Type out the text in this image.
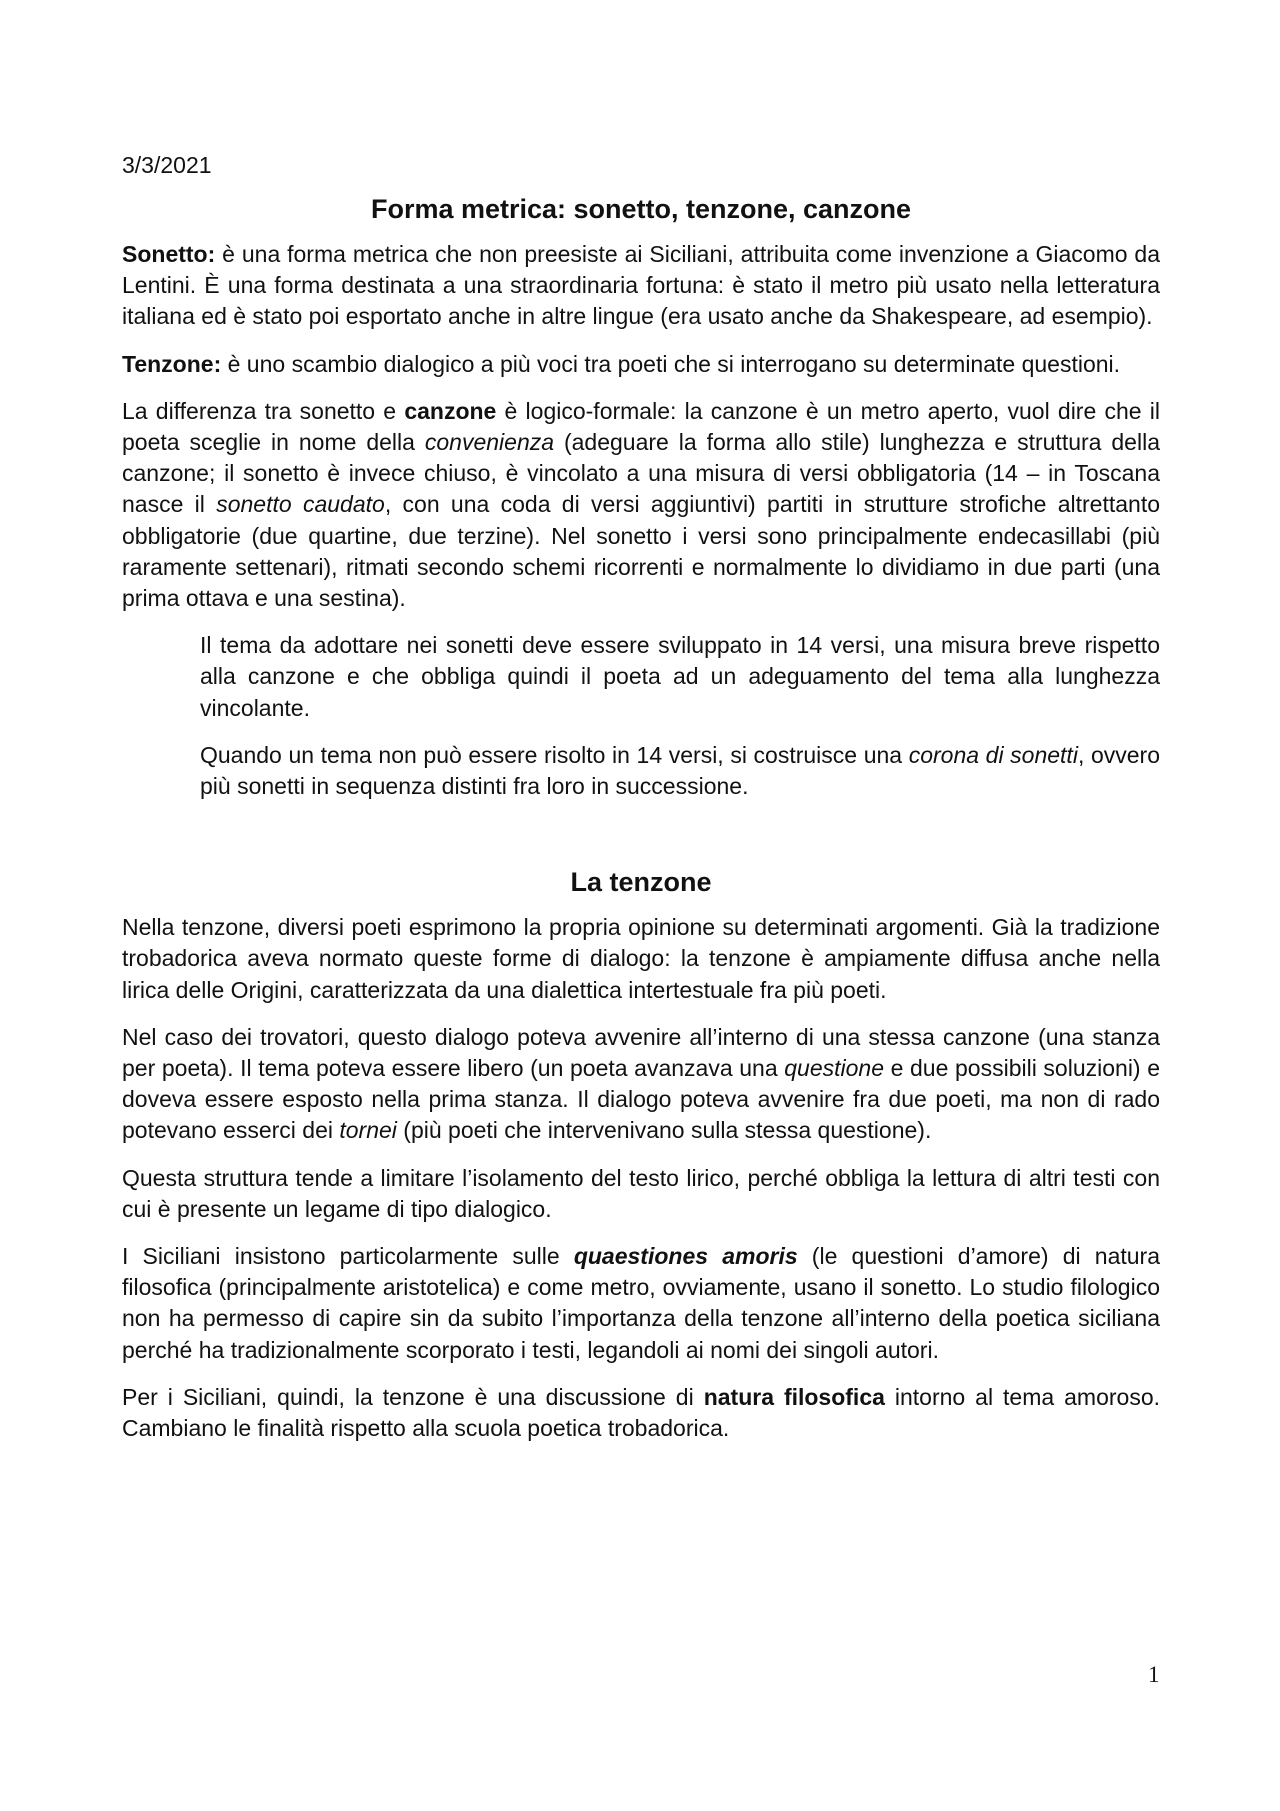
3/3/2021
Forma metrica: sonetto, tenzone, canzone

Sonetto: è una forma metrica che non preesiste ai Siciliani, attribuita come invenzione a Giacomo da Lentini. È una forma destinata a una straordinaria fortuna: è stato il metro più usato nella letteratura italiana ed è stato poi esportato anche in altre lingue (era usato anche da Shakespeare, ad esempio).

Tenzone: è uno scambio dialogico a più voci tra poeti che si interrogano su determinate questioni.

La differenza tra sonetto e canzone è logico-formale: la canzone è un metro aperto, vuol dire che il poeta sceglie in nome della convenienza (adeguare la forma allo stile) lunghezza e struttura della canzone; il sonetto è invece chiuso, è vincolato a una misura di versi obbligatoria (14 – in Toscana nasce il sonetto caudato, con una coda di versi aggiuntivi) partiti in strutture strofiche altrettanto obbligatorie (due quartine, due terzine). Nel sonetto i versi sono principalmente endecasillabi (più raramente settenari), ritmati secondo schemi ricorrenti e normalmente lo dividiamo in due parti (una prima ottava e una sestina).

Il tema da adottare nei sonetti deve essere sviluppato in 14 versi, una misura breve rispetto alla canzone e che obbliga quindi il poeta ad un adeguamento del tema alla lunghezza vincolante.

Quando un tema non può essere risolto in 14 versi, si costruisce una corona di sonetti, ovvero più sonetti in sequenza distinti fra loro in successione.

La tenzone

Nella tenzone, diversi poeti esprimono la propria opinione su determinati argomenti. Già la tradizione trobadorica aveva normato queste forme di dialogo: la tenzone è ampiamente diffusa anche nella lirica delle Origini, caratterizzata da una dialettica intertestuale fra più poeti.

Nel caso dei trovatori, questo dialogo poteva avvenire all’interno di una stessa canzone (una stanza per poeta). Il tema poteva essere libero (un poeta avanzava una questione e due possibili soluzioni) e doveva essere esposto nella prima stanza. Il dialogo poteva avvenire fra due poeti, ma non di rado potevano esserci dei tornei (più poeti che intervenivano sulla stessa questione).

Questa struttura tende a limitare l’isolamento del testo lirico, perché obbliga la lettura di altri testi con cui è presente un legame di tipo dialogico.

I Siciliani insistono particolarmente sulle quaestiones amoris (le questioni d’amore) di natura filosofica (principalmente aristotelica) e come metro, ovviamente, usano il sonetto. Lo studio filologico non ha permesso di capire sin da subito l’importanza della tenzone all’interno della poetica siciliana perché ha tradizionalmente scorporato i testi, legandoli ai nomi dei singoli autori.

Per i Siciliani, quindi, la tenzone è una discussione di natura filosofica intorno al tema amoroso. Cambiano le finalità rispetto alla scuola poetica trobadorica.

1
